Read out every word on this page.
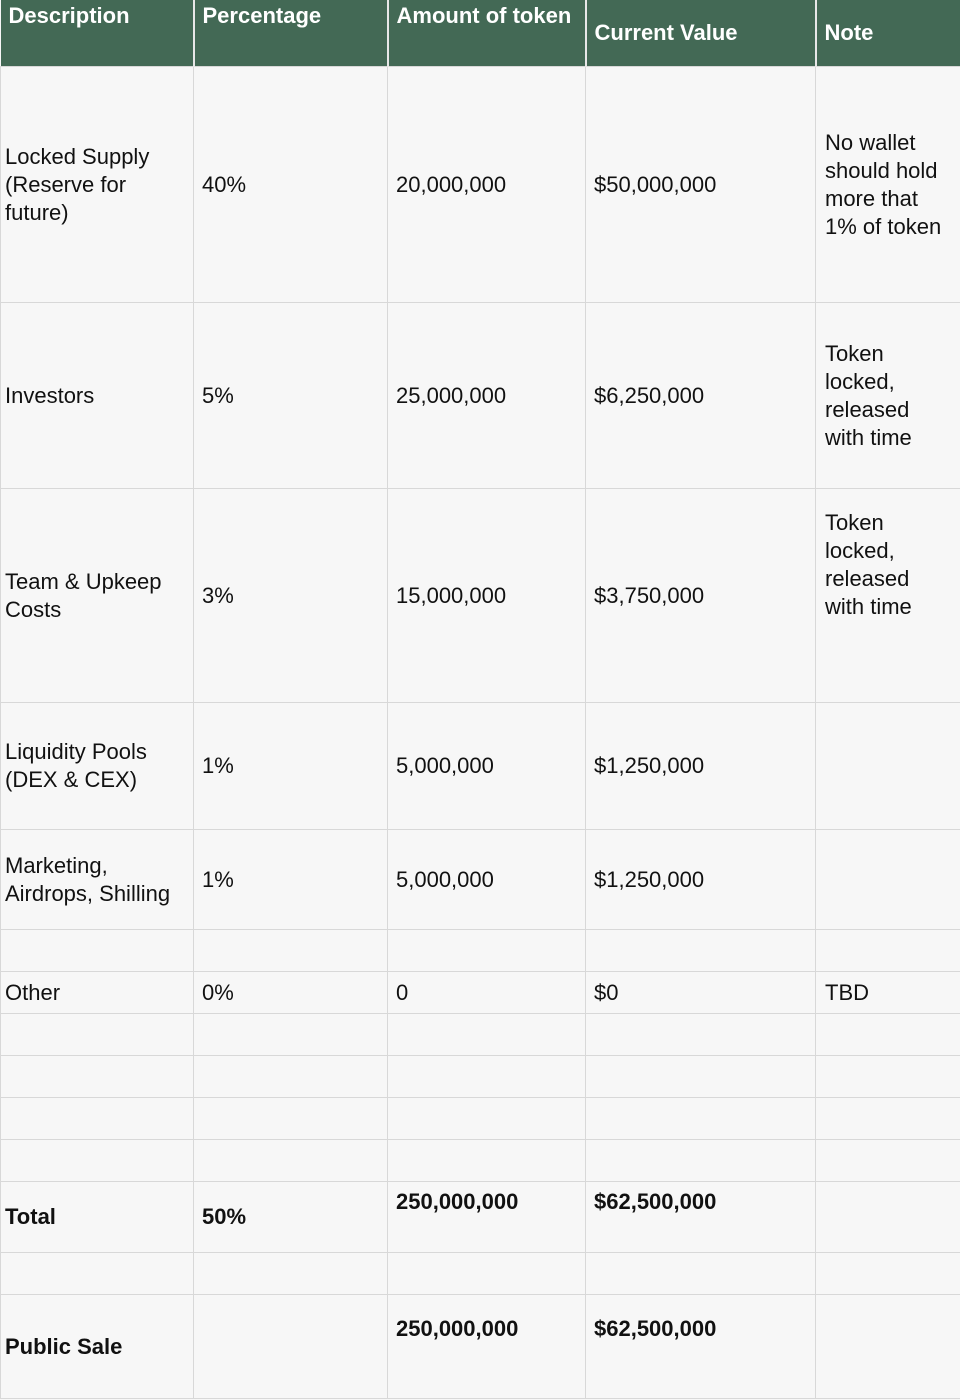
Description	Percentage	Amount of token	Current Value	Note
Locked Supply (Reserve for future)	40%	20,000,000	$50,000,000	No wallet should hold more that 1% of token
Investors	5%	25,000,000	$6,250,000	Token locked, released with time
Team & Upkeep Costs	3%	15,000,000	$3,750,000	Token locked, released with time
Liquidity Pools (DEX & CEX)	1%	5,000,000	$1,250,000	
Marketing, Airdrops, Shilling	1%	5,000,000	$1,250,000	

Other	0%	0	$0	TBD

Total	50%	250,000,000	$62,500,000	

Public Sale		250,000,000	$62,500,000	
